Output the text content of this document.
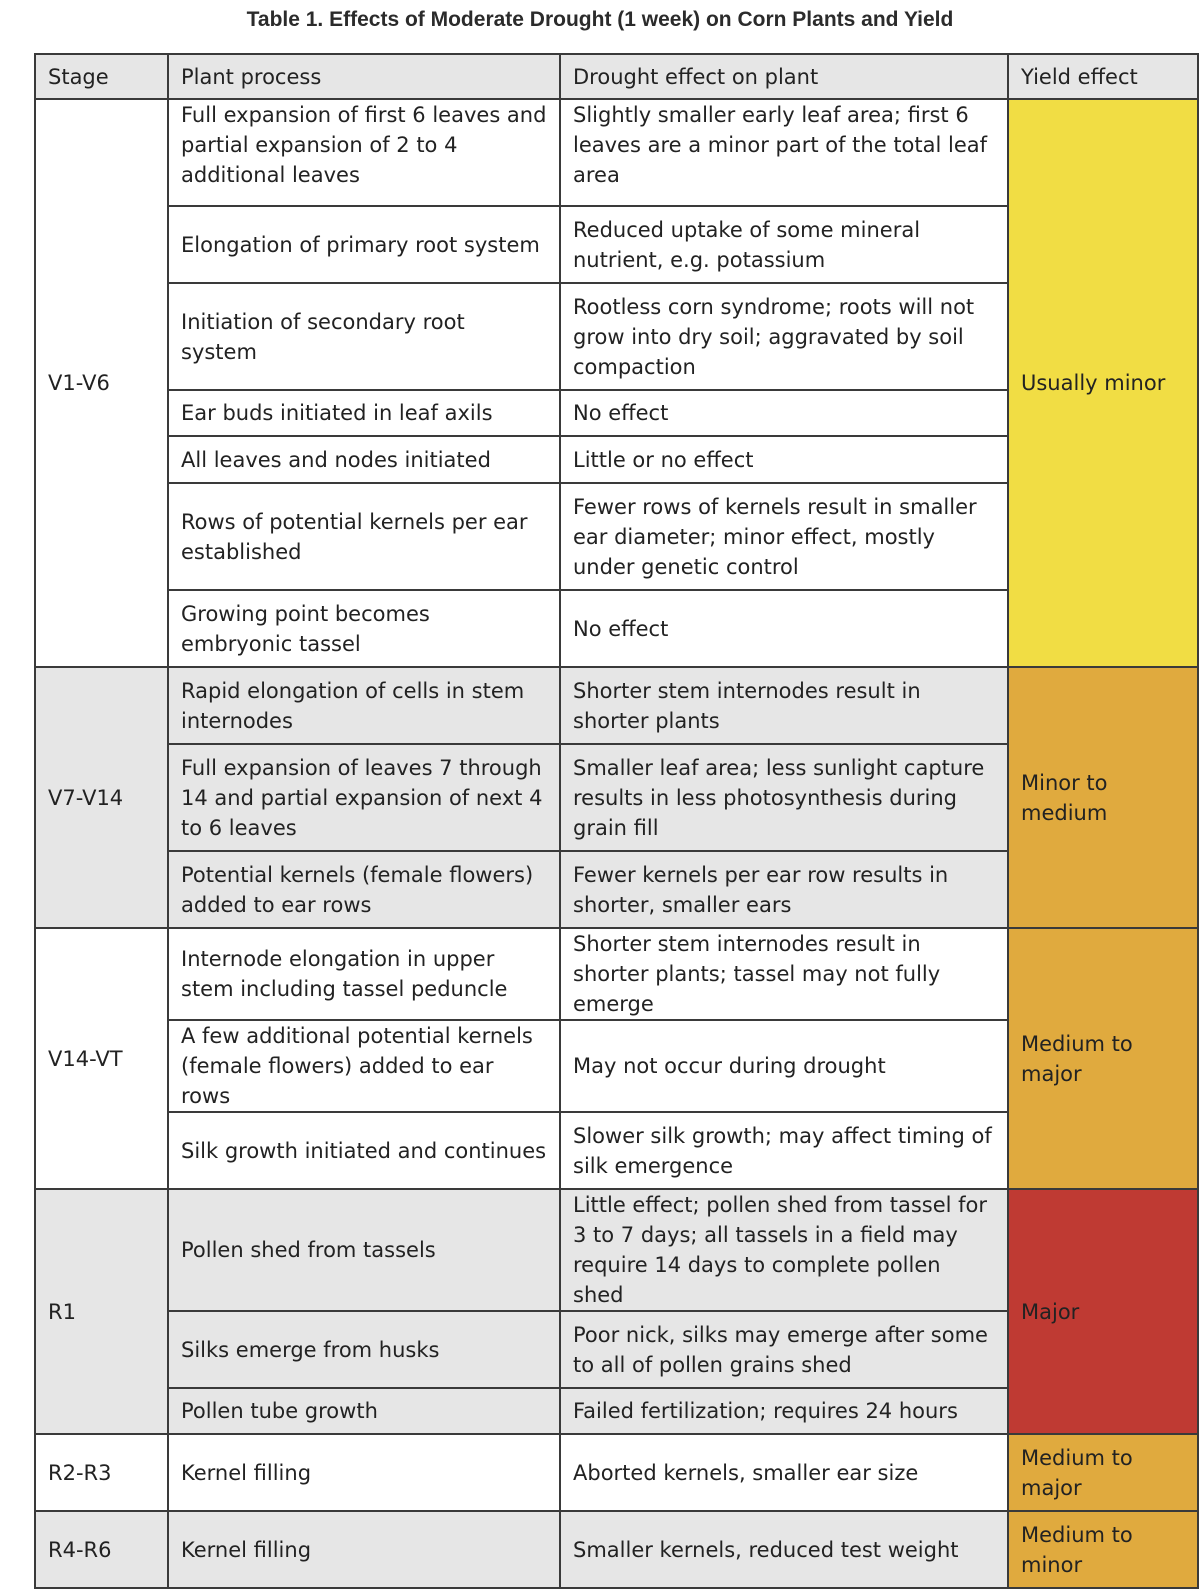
Table 1. Effects of Moderate Drought (1 week) on Corn Plants and Yield
Stage	Plant process	Drought effect on plant	Yield effect
V1-V6	Full expansion of first 6 leaves and partial expansion of 2 to 4 additional leaves	Slightly smaller early leaf area; first 6 leaves are a minor part of the total leaf area	Usually minor
	Elongation of primary root system	Reduced uptake of some mineral nutrient, e.g. potassium	
	Initiation of secondary root system	Rootless corn syndrome; roots will not grow into dry soil; aggravated by soil compaction	
	Ear buds initiated in leaf axils	No effect	
	All leaves and nodes initiated	Little or no effect	
	Rows of potential kernels per ear established	Fewer rows of kernels result in smaller ear diameter; minor effect, mostly under genetic control	
	Growing point becomes embryonic tassel	No effect	
V7-V14	Rapid elongation of cells in stem internodes	Shorter stem internodes result in shorter plants	Minor to medium
	Full expansion of leaves 7 through 14 and partial expansion of next 4 to 6 leaves	Smaller leaf area; less sunlight capture results in less photosynthesis during grain fill	
	Potential kernels (female flowers) added to ear rows	Fewer kernels per ear row results in shorter, smaller ears	
V14-VT	Internode elongation in upper stem including tassel peduncle	Shorter stem internodes result in shorter plants; tassel may not fully emerge	Medium to major
	A few additional potential kernels (female flowers) added to ear rows	May not occur during drought	
	Silk growth initiated and continues	Slower silk growth; may affect timing of silk emergence	
R1	Pollen shed from tassels	Little effect; pollen shed from tassel for 3 to 7 days; all tassels in a field may require 14 days to complete pollen shed	Major
	Silks emerge from husks	Poor nick, silks may emerge after some to all of pollen grains shed	
	Pollen tube growth	Failed fertilization; requires 24 hours	
R2-R3	Kernel filling	Aborted kernels, smaller ear size	Medium to major
R4-R6	Kernel filling	Smaller kernels, reduced test weight	Medium to minor
